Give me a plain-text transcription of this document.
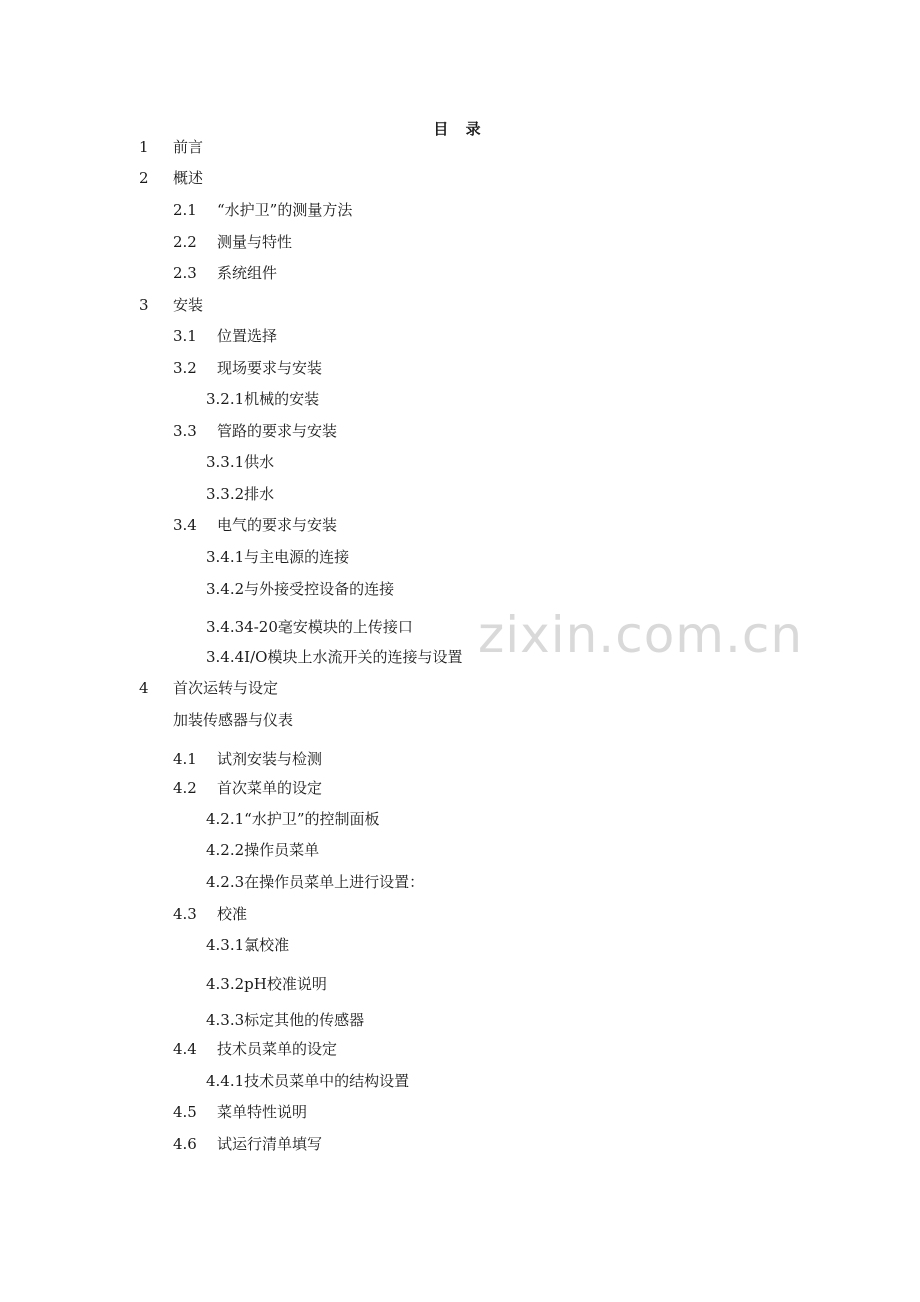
目 录
1 前言
2 概述
2.1 “水护卫”的测量方法
2.2 测量与特性
2.3 系统组件
3 安装
3.1 位置选择
3.2 现场要求与安装
3.2.1机械的安装
3.3 管路的要求与安装
3.3.1供水
3.3.2排水
3.4 电气的要求与安装
3.4.1与主电源的连接
3.4.2与外接受控设备的连接
3.4.34-20毫安模块的上传接口
3.4.4I/O模块上水流开关的连接与设置
4 首次运转与设定
加装传感器与仪表
4.1 试剂安装与检测
4.2 首次菜单的设定
4.2.1“水护卫”的控制面板
4.2.2操作员菜单
4.2.3在操作员菜单上进行设置：
4.3 校准
4.3.1氯校准
4.3.2pH校准说明
4.3.3标定其他的传感器
4.4 技术员菜单的设定
4.4.1技术员菜单中的结构设置
4.5 菜单特性说明
4.6 试运行清单填写
zixin.com.cn
